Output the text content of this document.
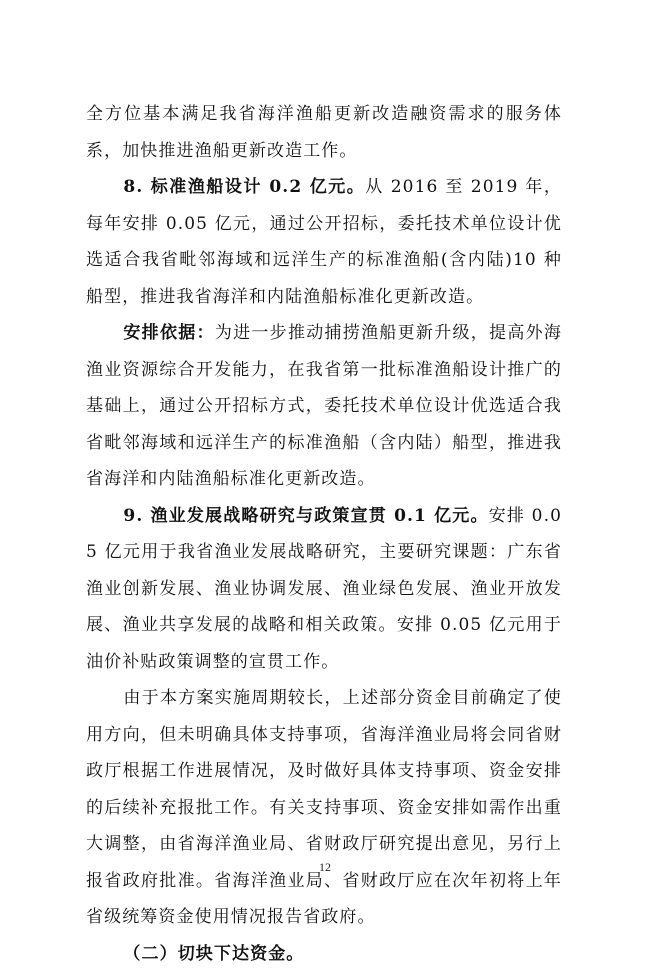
全方位基本满足我省海洋渔船更新改造融资需求的服务体系，加快推进渔船更新改造工作。

8. 标准渔船设计 0.2 亿元。从 2016 至 2019 年，每年安排 0.05 亿元，通过公开招标，委托技术单位设计优选适合我省毗邻海域和远洋生产的标准渔船(含内陆)10 种船型，推进我省海洋和内陆渔船标准化更新改造。

安排依据：为进一步推动捕捞渔船更新升级，提高外海渔业资源综合开发能力，在我省第一批标准渔船设计推广的基础上，通过公开招标方式，委托技术单位设计优选适合我省毗邻海域和远洋生产的标准渔船（含内陆）船型，推进我省海洋和内陆渔船标准化更新改造。

9. 渔业发展战略研究与政策宣贯 0.1 亿元。安排 0.05 亿元用于我省渔业发展战略研究，主要研究课题：广东省渔业创新发展、渔业协调发展、渔业绿色发展、渔业开放发展、渔业共享发展的战略和相关政策。安排 0.05 亿元用于油价补贴政策调整的宣贯工作。

由于本方案实施周期较长，上述部分资金目前确定了使用方向，但未明确具体支持事项，省海洋渔业局将会同省财政厅根据工作进展情况，及时做好具体支持事项、资金安排的后续补充报批工作。有关支持事项、资金安排如需作出重大调整，由省海洋渔业局、省财政厅研究提出意见，另行上报省政府批准。省海洋渔业局、省财政厅应在次年初将上年省级统筹资金使用情况报告省政府。

（二）切块下达资金。

12
